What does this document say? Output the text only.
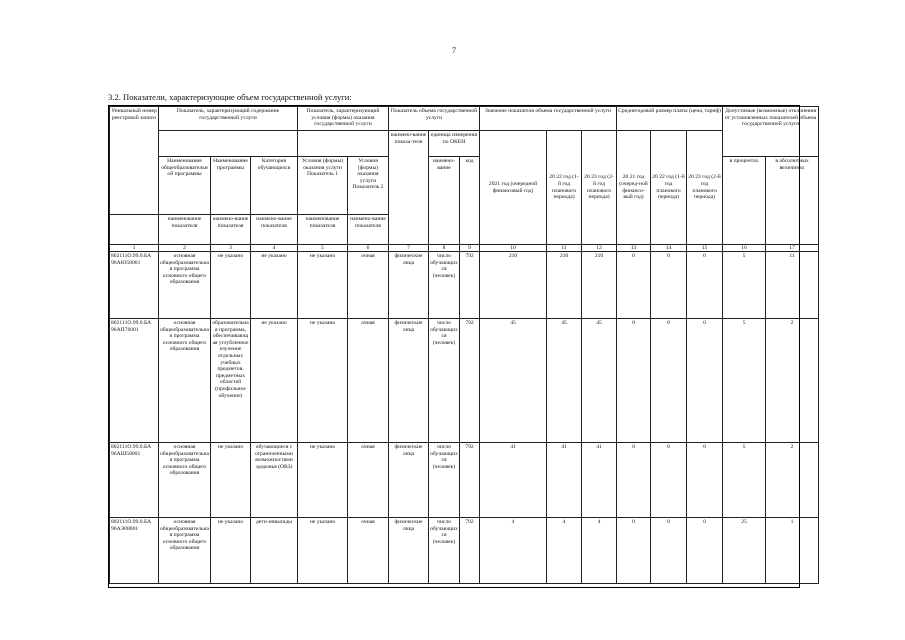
7
3.2. Показатели, характеризующие объем государственной услуги:
Уникальный номер реестровой записи	Показатель, характеризующий содержание государственной услуги			Показатель, характеризующий условия (формы) оказания государственной услуги		Показатель объема государственной услуги			Значение показателя объема государственной услуги			Среднегодовой размер платы (цена, тариф)			Допустимые (возможные) отклонения от установленных показателей объема государственной услуги	
						наимено-вание показа-теля	единица измерения по ОКЕИ		2021 год (очередной финансовый год)	20 22 год (1-й год планового периода)	20 23 год (2-й год планового периода)	20 21 год (очеред-ной финансо-вый год)	20 22 год (1-й год планового периода)	20 23 год (2-й год планового периода)		
	Наименование общеобразовательной программы	Наименование программы	Категория обучающихся	Условия (формы) оказания услуги Показатель 1	Условия (формы) оказания услуги Показатель 2		наимено-вание	код							в процентах	в абсолютных величинах
	наименование показателя	наимено-вание показателя	наимено-вание показателя	наименование показателя	наимено-вание показателя											
1	2	3	4	5	6	7	8	9	10	11	12	13	14	15	16	17
802111О.99.0.БА 96АЮ58001	основная общеобразовательная программа основного общего образования	не указано	не указано	не указано	очная	физические лица	число обучающихся (человек)	792	210	210	210	0	0	0	5	11
802111О.99.0.БА 96АП76001	основная общеобразовательная программа основного общего образования	образовательная программа, обеспечивающая углубленное изучение отдельных учебных предметов, предметных областей (профильное обучение)	не указано	не указано	очная	физические лица	число обучающихся (человек)	792	45	45	45	0	0	0	5	2
802111О.99.0.БА 96АШ58001	основная общеобразовательная программа основного общего образования	не указано	обучающиеся с ограниченными возможностями здоровья (ОВЗ)	не указано	очная	физические лица	число обучающихся (человек)	792	41	41	41	0	0	0	5	2
802111О.99.0.БА 96АЭ08001	основная общеобразовательная программа основного общего образования	не указано	дети-инвалиды	не указано	очная	физические лица	число обучающихся (человек)	792	4	4	4	0	0	0	25	1
